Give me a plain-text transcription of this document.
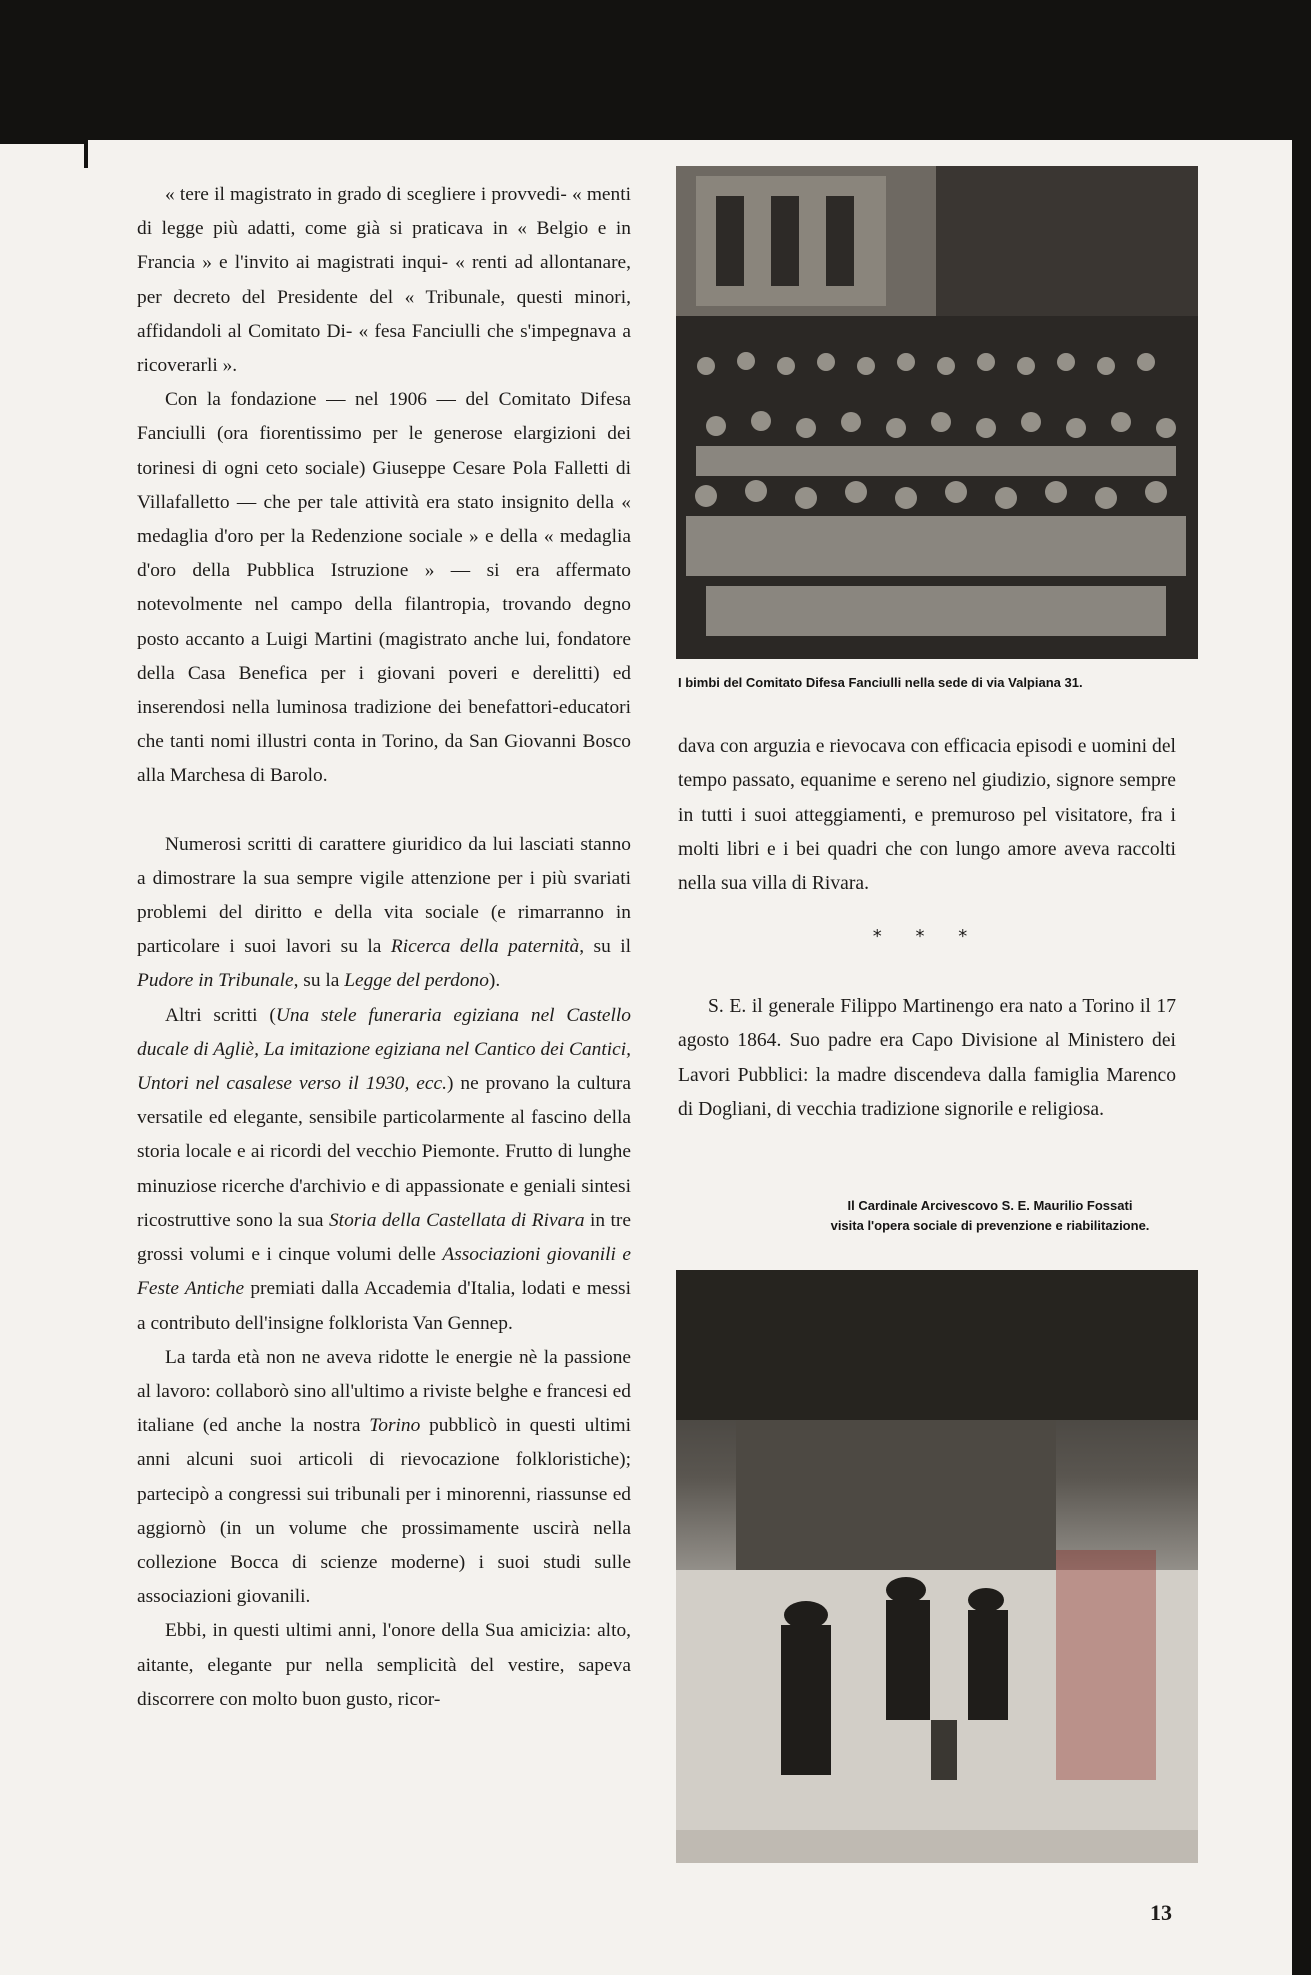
« tere il magistrato in grado di scegliere i provvedi- « menti di legge più adatti, come già si praticava in « Belgio e in Francia » e l'invito ai magistrati inqui- « renti ad allontanare, per decreto del Presidente del « Tribunale, questi minori, affidandoli al Comitato Di- « fesa Fanciulli che s'impegnava a ricoverarli ».

Con la fondazione — nel 1906 — del Comitato Difesa Fanciulli (ora fiorentissimo per le generose elargizioni dei torinesi di ogni ceto sociale) Giuseppe Cesare Pola Falletti di Villafalletto — che per tale attività era stato insignito della « medaglia d'oro per la Redenzione sociale » e della « medaglia d'oro della Pubblica Istruzione » — si era affermato notevolmente nel campo della filantropia, trovando degno posto accanto a Luigi Martini (magistrato anche lui, fondatore della Casa Benefica per i giovani poveri e derelitti) ed inserendosi nella luminosa tradizione dei benefattori-educatori che tanti nomi illustri conta in Torino, da San Giovanni Bosco alla Marchesa di Barolo.

Numerosi scritti di carattere giuridico da lui lasciati stanno a dimostrare la sua sempre vigile attenzione per i più svariati problemi del diritto e della vita sociale (e rimarranno in particolare i suoi lavori su la Ricerca della paternità, su il Pudore in Tribunale, su la Legge del perdono).

Altri scritti (Una stele funeraria egiziana nel Castello ducale di Agliè, La imitazione egiziana nel Cantico dei Cantici, Untori nel casalese verso il 1930, ecc.) ne provano la cultura versatile ed elegante, sensibile particolarmente al fascino della storia locale e ai ricordi del vecchio Piemonte. Frutto di lunghe minuziose ricerche d'archivio e di appassionate e geniali sintesi ricostruttive sono la sua Storia della Castellata di Rivara in tre grossi volumi e i cinque volumi delle Associazioni giovanili e Feste Antiche premiati dalla Accademia d'Italia, lodati e messi a contributo dell'insigne folklorista Van Gennep.

La tarda età non ne aveva ridotte le energie nè la passione al lavoro: collaborò sino all'ultimo a riviste belghe e francesi ed italiane (ed anche la nostra Torino pubblicò in questi ultimi anni alcuni suoi articoli di rievocazione folkloristiche); partecipò a congressi sui tribunali per i minorenni, riassunse ed aggiornò (in un volume che prossimamente uscirà nella collezione Bocca di scienze moderne) i suoi studi sulle associazioni giovanili.

Ebbi, in questi ultimi anni, l'onore della Sua amicizia: alto, aitante, elegante pur nella semplicità del vestire, sapeva discorrere con molto buon gusto, ricor-

I bimbi del Comitato Difesa Fanciulli nella sede di via Valpiana 31.

dava con arguzia e rievocava con efficacia episodi e uomini del tempo passato, equanime e sereno nel giudizio, signore sempre in tutti i suoi atteggiamenti, e premuroso pel visitatore, fra i molti libri e i bei quadri che con lungo amore aveva raccolti nella sua villa di Rivara.

* * *

S. E. il generale Filippo Martinengo era nato a Torino il 17 agosto 1864. Suo padre era Capo Divisione al Ministero dei Lavori Pubblici: la madre discendeva dalla famiglia Marenco di Dogliani, di vecchia tradizione signorile e religiosa.

Il Cardinale Arcivescovo S. E. Maurilio Fossati
visita l'opera sociale di prevenzione e riabilitazione.
13
